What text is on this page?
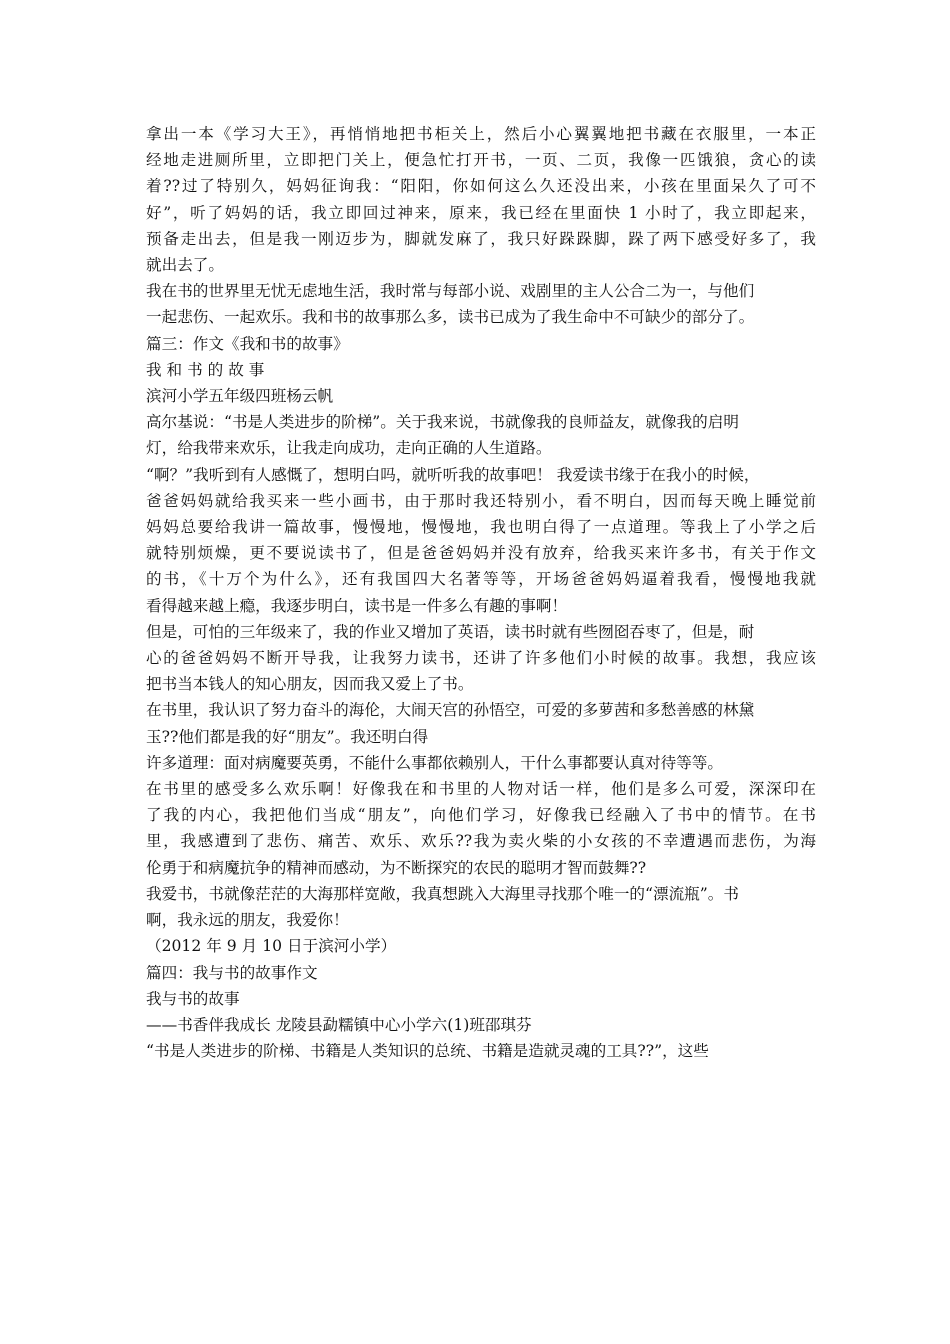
拿出一本《学习大王》，再悄悄地把书柜关上，然后小心翼翼地把书藏在衣服里，一本正
经地走进厕所里，立即把门关上，便急忙打开书，一页、二页，我像一匹饿狼，贪心的读
着??过了特别久，妈妈征询我：“阳阳，你如何这么久还没出来，小孩在里面呆久了可不
好”，听了妈妈的话，我立即回过神来，原来，我已经在里面快 1 小时了，我立即起来，
预备走出去，但是我一刚迈步为，脚就发麻了，我只好跺跺脚，跺了两下感受好多了，我
就出去了。
我在书的世界里无忧无虑地生活，我时常与每部小说、戏剧里的主人公合二为一，与他们
一起悲伤、一起欢乐。我和书的故事那么多，读书已成为了我生命中不可缺少的部分了。
篇三：作文《我和书的故事》
我 和 书 的 故 事
滨河小学五年级四班杨云帆
高尔基说：“书是人类进步的阶梯”。关于我来说，书就像我的良师益友，就像我的启明
灯，给我带来欢乐，让我走向成功，走向正确的人生道路。
“啊？”我听到有人感慨了，想明白吗，就听听我的故事吧！ 我爱读书缘于在我小的时候，
爸爸妈妈就给我买来一些小画书，由于那时我还特别小，看不明白，因而每天晚上睡觉前
妈妈总要给我讲一篇故事，慢慢地，慢慢地，我也明白得了一点道理。等我上了小学之后
就特别烦燥，更不要说读书了，但是爸爸妈妈并没有放弃，给我买来许多书，有关于作文
的书，《十万个为什么》，还有我国四大名著等等，开场爸爸妈妈逼着我看，慢慢地我就
看得越来越上瘾，我逐步明白，读书是一件多么有趣的事啊！
但是，可怕的三年级来了，我的作业又增加了英语，读书时就有些囫囵吞枣了，但是，耐
心的爸爸妈妈不断开导我，让我努力读书，还讲了许多他们小时候的故事。我想，我应该
把书当本钱人的知心朋友，因而我又爱上了书。
在书里，我认识了努力奋斗的海伦，大闹天宫的孙悟空，可爱的多萝茜和多愁善感的林黛
玉??他们都是我的好“朋友”。我还明白得
许多道理：面对病魔要英勇，不能什么事都依赖别人，干什么事都要认真对待等等。
在书里的感受多么欢乐啊！好像我在和书里的人物对话一样，他们是多么可爱，深深印在
了我的内心，我把他们当成“朋友”，向他们学习，好像我已经融入了书中的情节。在书
里，我感遭到了悲伤、痛苦、欢乐、欢乐??我为卖火柴的小女孩的不幸遭遇而悲伤，为海
伦勇于和病魔抗争的精神而感动，为不断探究的农民的聪明才智而鼓舞??
我爱书，书就像茫茫的大海那样宽敞，我真想跳入大海里寻找那个唯一的“漂流瓶”。书
啊，我永远的朋友，我爱你！
（2012 年 9 月 10 日于滨河小学）
篇四：我与书的故事作文
我与书的故事
——书香伴我成长 龙陵县勐糯镇中心小学六(1)班邵琪芬
“书是人类进步的阶梯、书籍是人类知识的总统、书籍是造就灵魂的工具??”，这些
